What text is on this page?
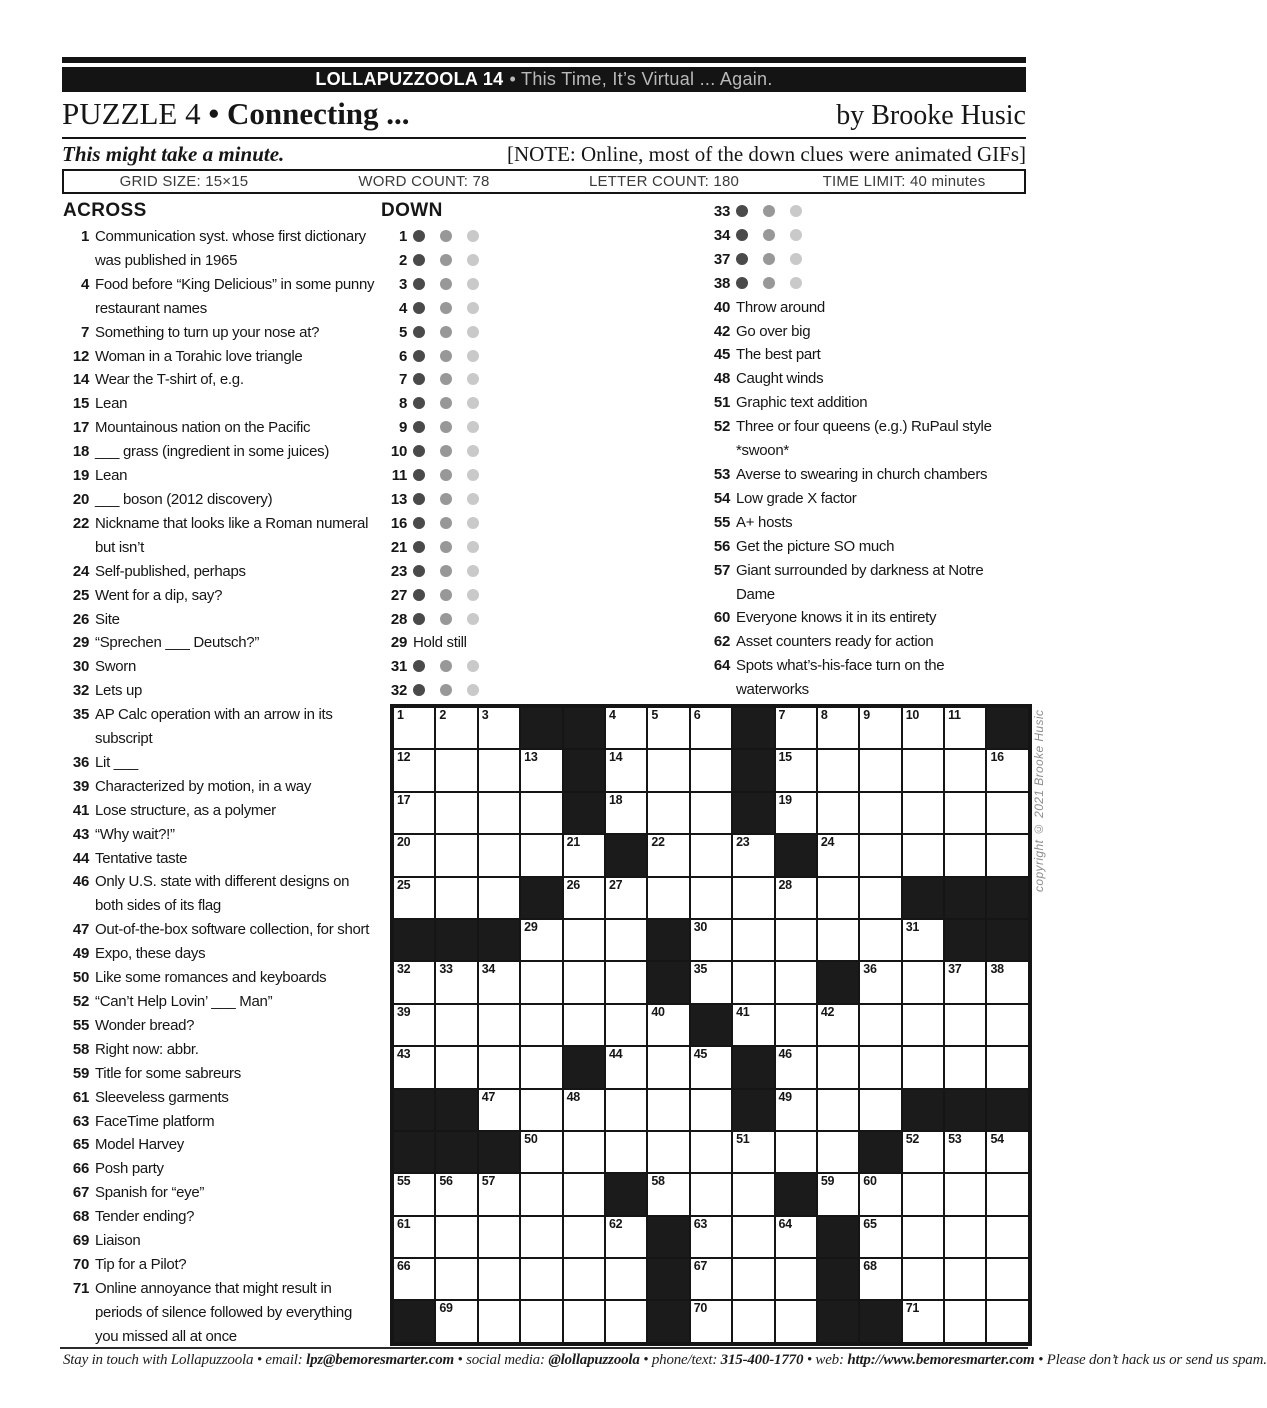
LOLLAPUZZOOLA 14 • This Time, It’s Virtual ... Again.
PUZZLE 4 • Connecting ...	by Brooke Husic
This might take a minute.	[NOTE: Online, most of the down clues were animated GIFs]
GRID SIZE: 15×15	WORD COUNT: 78	LETTER COUNT: 180	TIME LIMIT: 40 minutes
ACROSS
1 Communication syst. whose first dictionary was published in 1965
4 Food before “King Delicious” in some punny restaurant names
7 Something to turn up your nose at?
12 Woman in a Torahic love triangle
14 Wear the T-shirt of, e.g.
15 Lean
17 Mountainous nation on the Pacific
18 ___ grass (ingredient in some juices)
19 Lean
20 ___ boson (2012 discovery)
22 Nickname that looks like a Roman numeral but isn’t
24 Self-published, perhaps
25 Went for a dip, say?
26 Site
29 “Sprechen ___ Deutsch?”
30 Sworn
32 Lets up
35 AP Calc operation with an arrow in its subscript
36 Lit ___
39 Characterized by motion, in a way
41 Lose structure, as a polymer
43 “Why wait?!”
44 Tentative taste
46 Only U.S. state with different designs on both sides of its flag
47 Out-of-the-box software collection, for short
49 Expo, these days
50 Like some romances and keyboards
52 “Can’t Help Lovin’ ___ Man”
55 Wonder bread?
58 Right now: abbr.
59 Title for some sabreurs
61 Sleeveless garments
63 FaceTime platform
65 Model Harvey
66 Posh party
67 Spanish for “eye”
68 Tender ending?
69 Liaison
70 Tip for a Pilot?
71 Online annoyance that might result in periods of silence followed by everything you missed all at once
DOWN
1
2
3
4
5
6
7
8
9
10
11
13
16
21
23
27
28
29 Hold still
31
32
33
34
37
38
40 Throw around
42 Go over big
45 The best part
48 Caught winds
51 Graphic text addition
52 Three or four queens (e.g.) RuPaul style *swoon*
53 Averse to swearing in church chambers
54 Low grade X factor
55 A+ hosts
56 Get the picture SO much
57 Giant surrounded by darkness at Notre Dame
60 Everyone knows it in its entirety
62 Asset counters ready for action
64 Spots what’s-his-face turn on the waterworks
1	2	3	4	5	6	7	8	9	10 11
12	13	14	15	16
17	18	19
20	21	22	23	24
25	26 27	28
29	30	31
32 33 34	35	36	37 38
39	40	41	42
43	44	45	46
47	48	49
50	51	52 53 54
55 56 57	58	59 60
61	62	63	64	65
66	67	68
69	70	71
copyright © 2021 Brooke Husic
Stay in touch with Lollapuzzoola • email: lpz@bemoresmarter.com • social media: @lollapuzzoola • phone/text: 315-400-1770 • web: http://www.bemoresmarter.com • Please don’t hack us or send us spam.
